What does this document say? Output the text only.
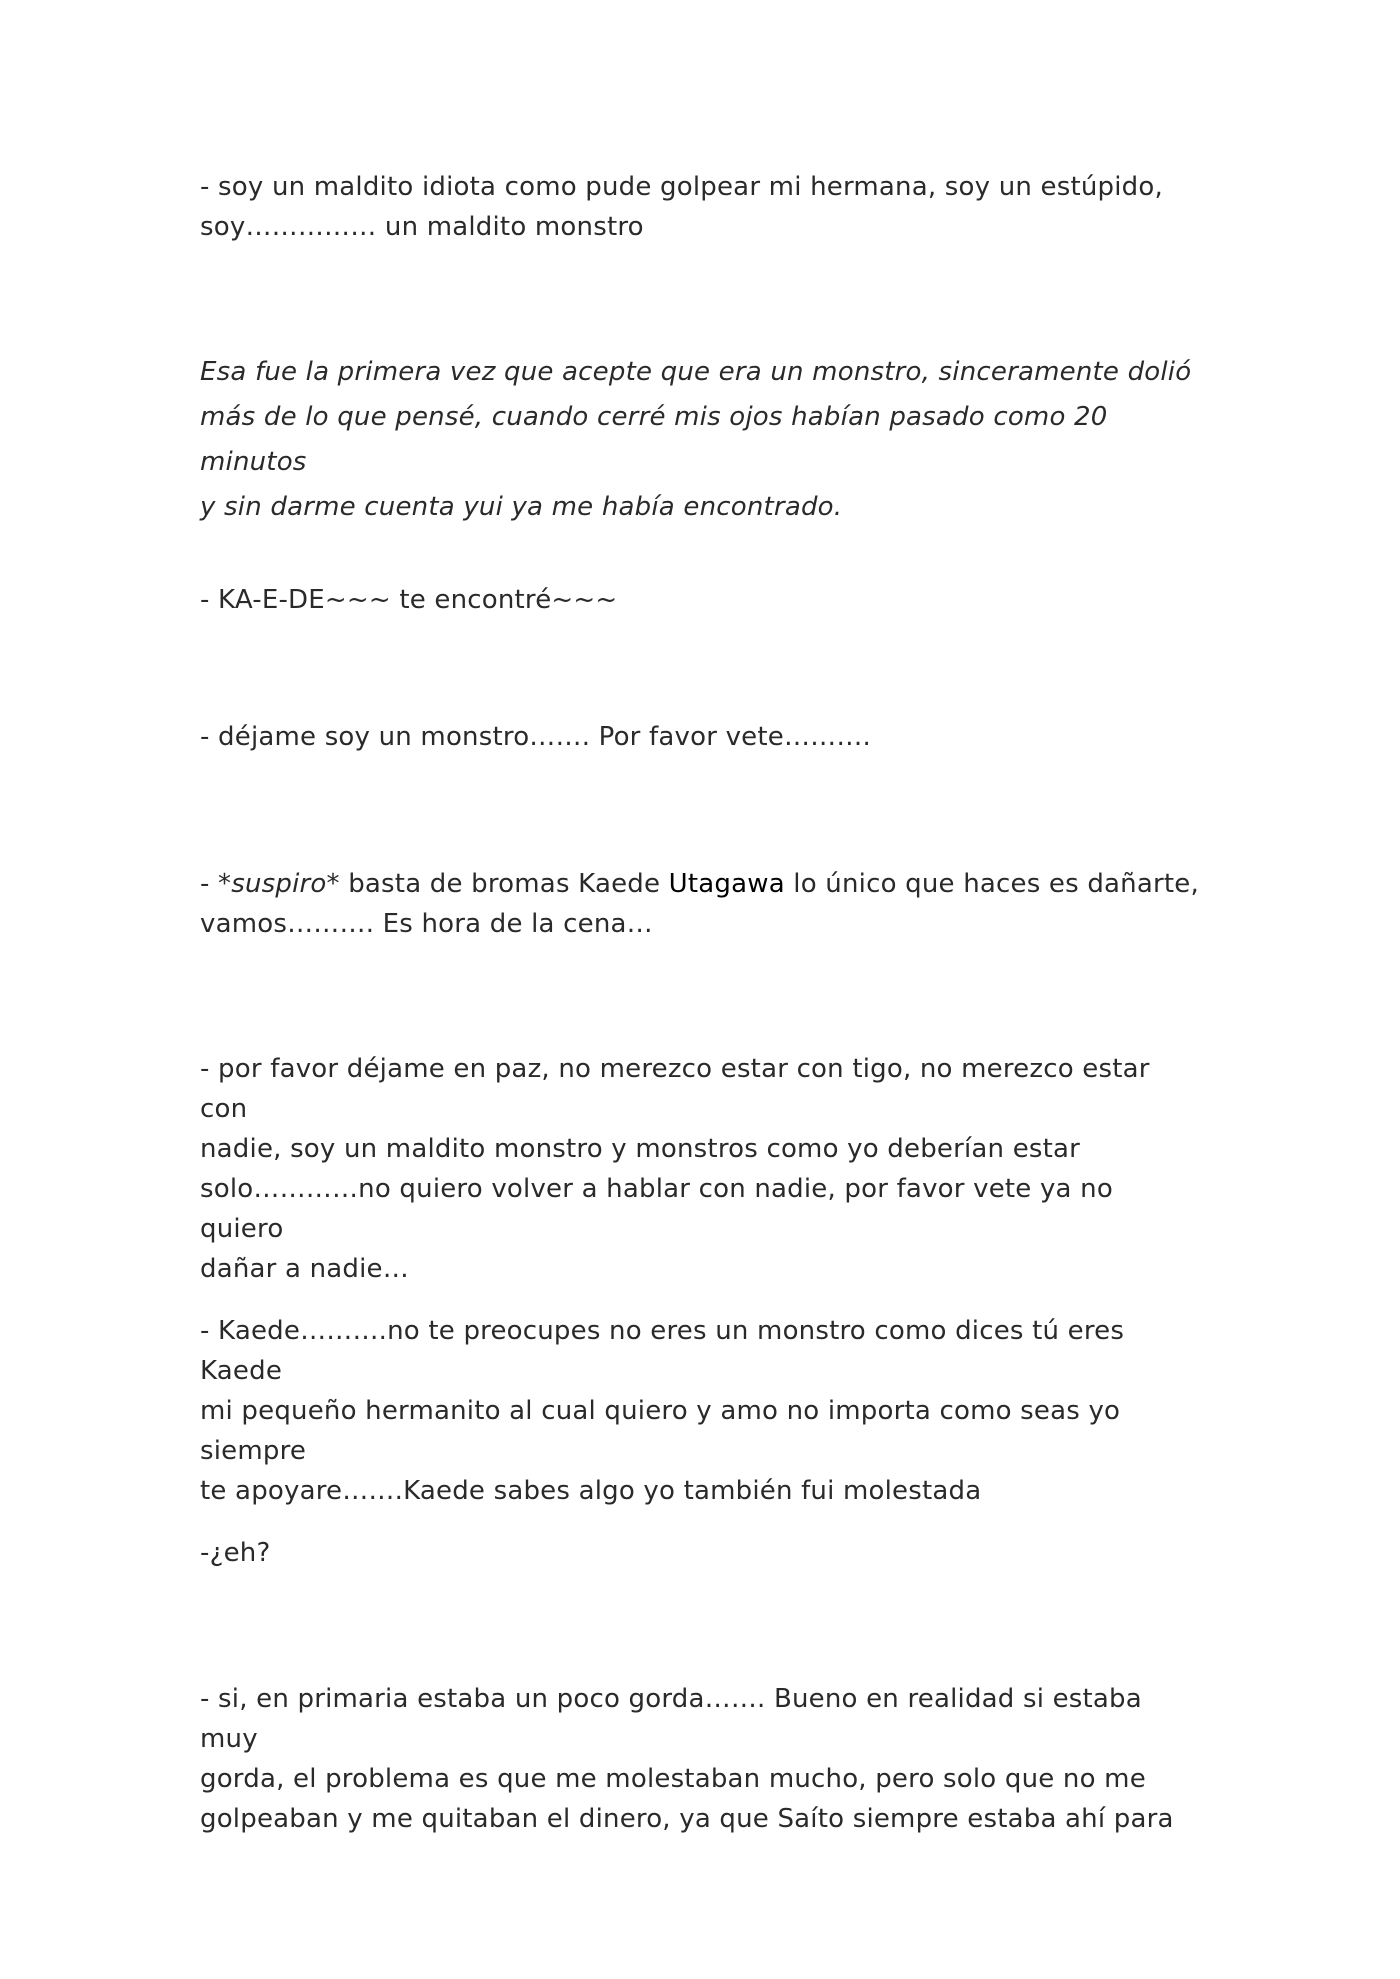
- soy un maldito idiota como pude golpear mi hermana, soy un estúpido,
soy…………… un maldito monstro

Esa fue la primera vez que acepte que era un monstro, sinceramente dolió
más de lo que pensé, cuando cerré mis ojos habían pasado como 20 minutos
y sin darme cuenta yui ya me había encontrado.

- KA-E-DE~~~ te encontré~~~

- déjame soy un monstro……. Por favor vete……….

- *suspiro* basta de bromas Kaede Utagawa lo único que haces es dañarte,
vamos………. Es hora de la cena…

- por favor déjame en paz, no merezco estar con tigo, no merezco estar con
nadie, soy un maldito monstro y monstros como yo deberían estar
solo…………no quiero volver a hablar con nadie, por favor vete ya no quiero
dañar a nadie…

- Kaede……….no te preocupes no eres un monstro como dices tú eres Kaede
mi pequeño hermanito al cual quiero y amo no importa como seas yo siempre
te apoyare…….Kaede sabes algo yo también fui molestada

-¿eh?

- si, en primaria estaba un poco gorda……. Bueno en realidad si estaba muy
gorda, el problema es que me molestaban mucho, pero solo que no me
golpeaban y me quitaban el dinero, ya que Saíto siempre estaba ahí para
